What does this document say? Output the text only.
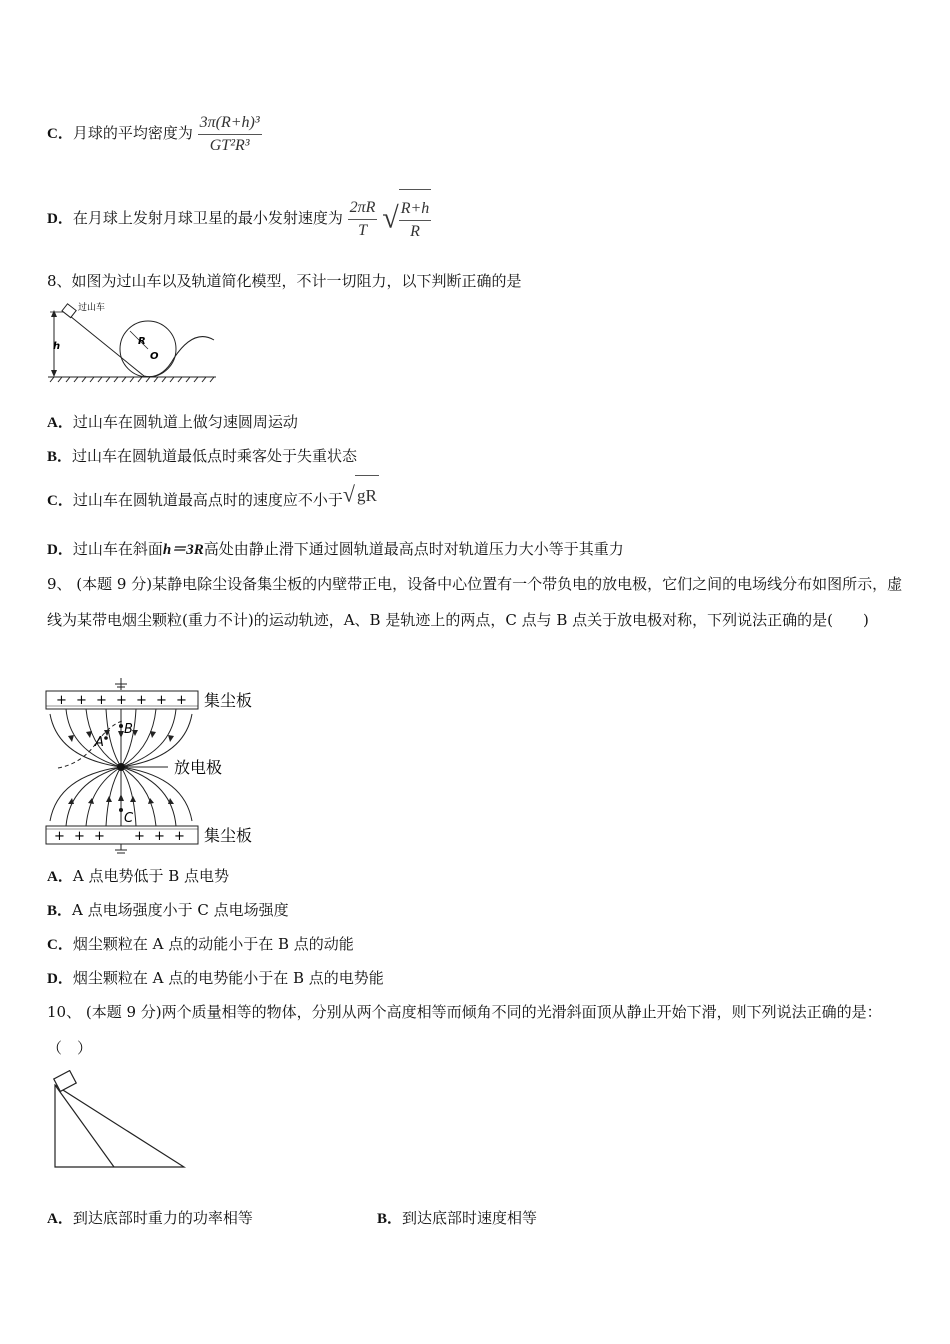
C．月球的平均密度为 $\frac{\text{3π(R+h)³}}{\text{GT²R³}}$
D．在月球上发射月球卫星的最小发射速度为 $\frac{2\pi R}{T}$ √ $\frac{R+h}{R}$
8、如图为过山车以及轨道简化模型，不计一切阻力，以下判断正确的是
h	R
O
过山车
A．过山车在圆轨道上做匀速圆周运动
B．过山车在圆轨道最低点时乘客处于失重状态
C．过山车在圆轨道最高点时的速度应不小于√ gR
D．过山车在斜面h＝3R高处由静止滑下通过圆轨道最高点时对轨道压力大小等于其重力
9、 (本题 9 分)某静电除尘设备集尘板的内壁带正电，设备中心位置有一个带负电的放电极，它们之间的电场线分布如图所示，虚线为某带电烟尘颗粒(重力不计)的运动轨迹，A、B 是轨迹上的两点，C 点与 B 点关于放电极对称，下列说法正确的是(　　)
+ + + + + + + 集尘板
+ + + + + + 集尘板
放电极
A
B
C
A．A 点电势低于 B 点电势
B．A 点电场强度小于 C 点电场强度
C．烟尘颗粒在 A 点的动能小于在 B 点的动能
D．烟尘颗粒在 A 点的电势能小于在 B 点的电势能
10、 (本题 9 分)两个质量相等的物体，分别从两个高度相等而倾角不同的光滑斜面顶从静止开始下滑，则下列说法正确的是：（　）
A．到达底部时重力的功率相等	B．到达底部时速度相等
